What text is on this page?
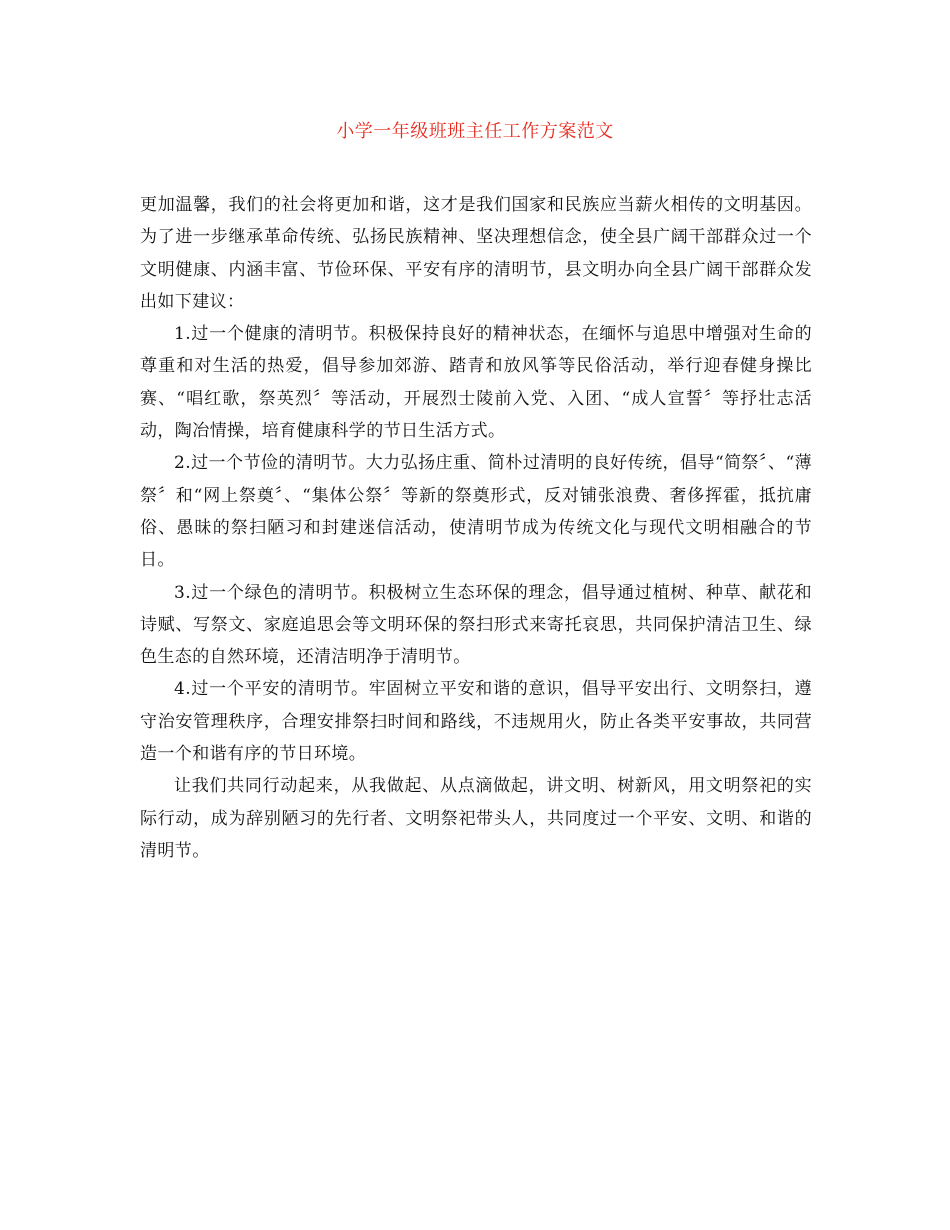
小学一年级班班主任工作方案范文

更加温馨，我们的社会将更加和谐，这才是我们国家和民族应当薪火相传的文明基因。为了进一步继承革命传统、弘扬民族精神、坚决理想信念，使全县广阔干部群众过一个文明健康、内涵丰富、节俭环保、平安有序的清明节，县文明办向全县广阔干部群众发出如下建议：

1.过一个健康的清明节。积极保持良好的精神状态，在缅怀与追思中增强对生命的尊重和对生活的热爱，倡导参加郊游、踏青和放风筝等民俗活动，举行迎春健身操比赛、“唱红歌，祭英烈〞等活动，开展烈士陵前入党、入团、“成人宣誓〞等抒壮志活动，陶冶情操，培育健康科学的节日生活方式。

2.过一个节俭的清明节。大力弘扬庄重、简朴过清明的良好传统，倡导“简祭〞、“薄祭〞和“网上祭奠〞、“集体公祭〞等新的祭奠形式，反对铺张浪费、奢侈挥霍，抵抗庸俗、愚昧的祭扫陋习和封建迷信活动，使清明节成为传统文化与现代文明相融合的节日。

3.过一个绿色的清明节。积极树立生态环保的理念，倡导通过植树、种草、献花和诗赋、写祭文、家庭追思会等文明环保的祭扫形式来寄托哀思，共同保护清洁卫生、绿色生态的自然环境，还清洁明净于清明节。

4.过一个平安的清明节。牢固树立平安和谐的意识，倡导平安出行、文明祭扫，遵守治安管理秩序，合理安排祭扫时间和路线，不违规用火，防止各类平安事故，共同营造一个和谐有序的节日环境。

让我们共同行动起来，从我做起、从点滴做起，讲文明、树新风，用文明祭祀的实际行动，成为辞别陋习的先行者、文明祭祀带头人，共同度过一个平安、文明、和谐的清明节。
